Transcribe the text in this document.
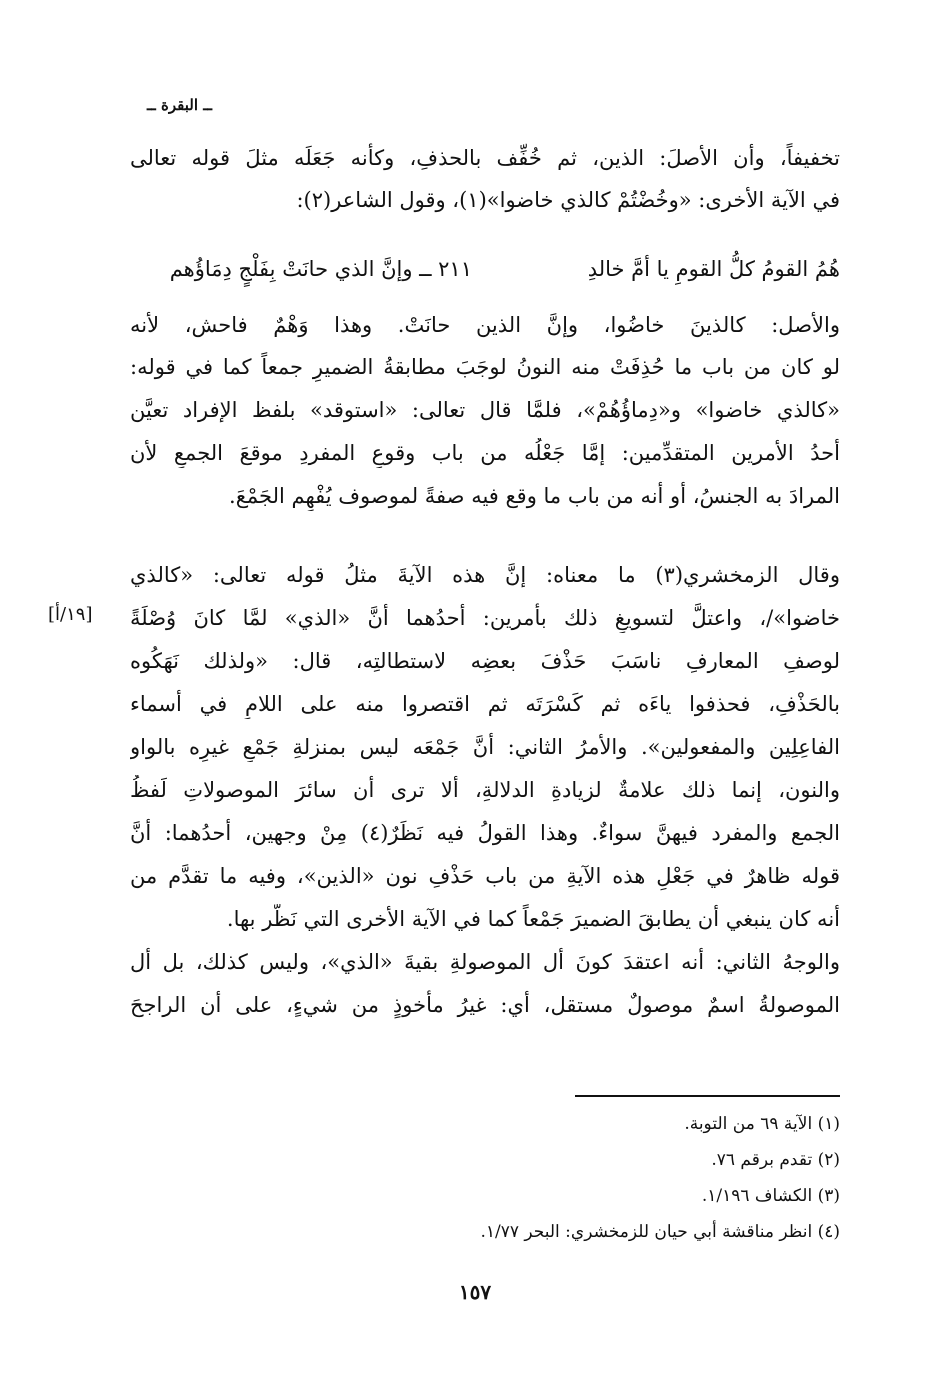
ــ البقرة ــ
تخفيفاً، وأن الأصلَ: الذين، ثم خُفِّف بالحذفِ، وكأنه جَعَلَه مثلَ قوله تعالى
في الآية الأخرى: «وخُضْتُمْ كالذي خاضوا»(١)، وقول الشاعر(٢):
٢١١ ــ وإنَّ الذي حانَتْ بِفَلْجٍ دِمَاؤُهم	هُمُ القومُ كلُّ القومِ يا أمَّ خالدِ
والأصل: كالذينَ خاضُوا، وإنَّ الذين حانَتْ. وهذا وَهْمٌ فاحش، لأنه
لو كان من باب ما حُذِفَتْ منه النونُ لوجَبَ مطابقةُ الضميرِ جمعاً كما في قوله:
«كالذي خاضوا» و«دِماؤُهُمْ»، فلمَّا قال تعالى: «استوقد» بلفظ الإفراد تعيَّن
أحدُ الأمرين المتقدِّمين: إمَّا جَعْلُه من باب وقوعِ المفردِ موقعَ الجمعِ لأن
المرادَ به الجنسُ، أو أنه من باب ما وقع فيه صفةً لموصوف يُفْهِم الجَمْعَ.
وقال الزمخشري(٣) ما معناه: إنَّ هذه الآيةَ مثلُ قوله تعالى: «كالذي
خاضوا»/، واعتلَّ لتسويغِ ذلك بأمرين: أحدُهما أنَّ «الذي» لمَّا كانَ وُصْلَةً
لوصفِ المعارفِ ناسَبَ حَذْفَ بعضِه لاستطالتِه، قال: «ولذلك نَهَكُوه
بالحَذْفِ، فحذفوا ياءَه ثم كَسْرَتَه ثم اقتصروا منه على اللامِ في أسماء
الفاعِلِين والمفعولين». والأمرُ الثاني: أنَّ جَمْعَه ليس بمنزلةِ جَمْعِ غيرِه بالواو
والنون، إنما ذلك علامةٌ لزيادةِ الدلالةِ، ألا ترى أن سائرَ الموصولاتِ لَفظُ
الجمع والمفرد فيهنَّ سواءٌ. وهذا القولُ فيه نَظَرٌ(٤) مِنْ وجهين، أحدُهما: أنَّ
قوله ظاهرٌ في جَعْلِ هذه الآيةِ من باب حَذْفِ نون «الذين»، وفيه ما تقدَّم من
أنه كان ينبغي أن يطابقَ الضميرَ جَمْعاً كما في الآية الأخرى التي نَظَّر بها.
والوجهُ الثاني: أنه اعتقدَ كونَ أل الموصولةِ بقيةَ «الذي»، وليس كذلك، بل أل
الموصولةُ اسمٌ موصولٌ مستقل، أي: غيرُ مأخوذٍ من شيءٍ، على أن الراجحَ
[١٩/أ]
(١) الآية ٦٩ من التوبة.
(٢) تقدم برقم ٧٦.
(٣) الكشاف ١/١٩٦.
(٤) انظر مناقشة أبي حيان للزمخشري: البحر ١/٧٧.
١٥٧
